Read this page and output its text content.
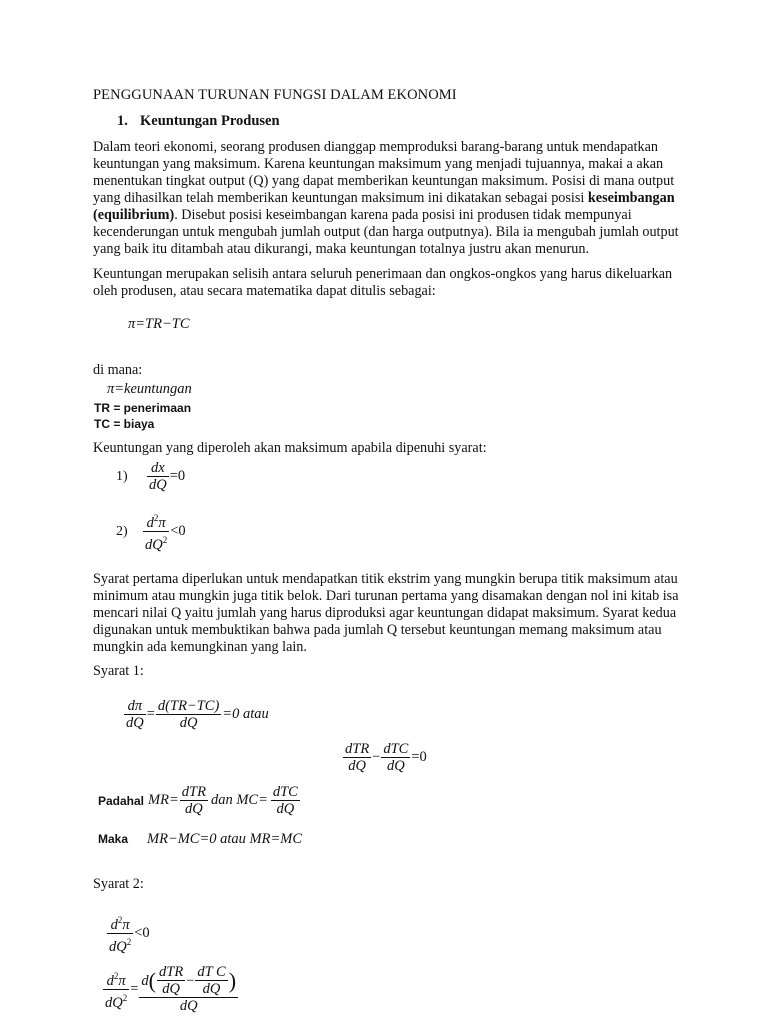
PENGGUNAAN TURUNAN FUNGSI DALAM EKONOMI
1. Keuntungan Produsen
Dalam teori ekonomi, seorang produsen dianggap memproduksi barang-barang untuk mendapatkan keuntungan yang maksimum. Karena keuntungan maksimum yang menjadi tujuannya, makai a akan menentukan tingkat output (Q) yang dapat memberikan keuntungan maksimum. Posisi di mana output yang dihasilkan telah memberikan keuntungan maksimum ini dikatakan sebagai posisi keseimbangan (equilibrium). Disebut posisi keseimbangan karena pada posisi ini produsen tidak mempunyai kecenderungan untuk mengubah jumlah output (dan harga outputnya). Bila ia mengubah jumlah output yang baik itu ditambah atau dikurangi, maka keuntungan totalnya justru akan menurun.
Keuntungan merupakan selisih antara seluruh penerimaan dan ongkos-ongkos yang harus dikeluarkan oleh produsen, atau secara matematika dapat ditulis sebagai:
π=TR−TC
di mana:
π=keuntungan
TR = penerimaan
TC = biaya
Keuntungan yang diperoleh akan maksimum apabila dipenuhi syarat:
1)	$\frac{dx}{dQ} =0$
2)	$\frac{d^2\pi}{dQ^2} <0$
Syarat pertama diperlukan untuk mendapatkan titik ekstrim yang mungkin berupa titik maksimum atau minimum atau mungkin juga titik belok. Dari turunan pertama yang disamakan dengan nol ini kitab isa mencari nilai Q yaitu jumlah yang harus diproduksi agar keuntungan didapat maksimum. Syarat kedua digunakan untuk membuktikan bahwa pada jumlah Q tersebut keuntungan memang maksimum atau mungkin ada kemungkinan yang lain.
Syarat 1:
$\frac{d\pi}{dQ} = \frac{d(TR-TC)}{dQ} =0$ atau
$\frac{\text{dTR}}{dQ} - \frac{\text{dTC}}{dQ} =0$
Padahal $MR= \frac{\text{dTR}}{dQ}$ dan $MC= \frac{\text{dTC}}{dQ}$
Maka MR−MC=0 atau MR=MC
Syarat 2:
$\frac{d^2\pi}{dQ^2} <0$
$\frac{d^2\pi}{dQ^2} = d$ ( $\frac{\text{dTR}}{dQ} - \frac{\text{dT C}}{dQ}$ )
dQ
